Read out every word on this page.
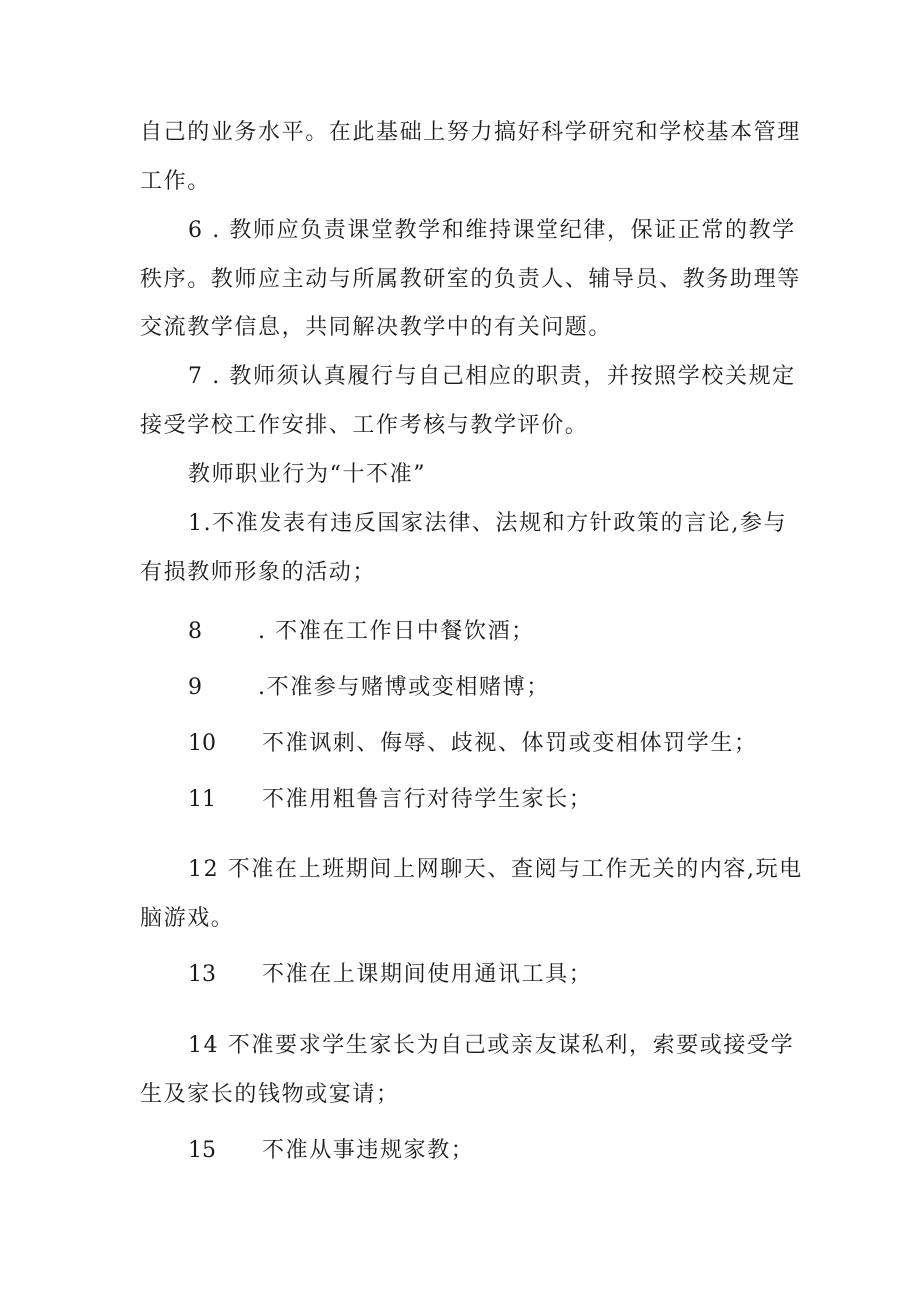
自己的业务水平。在此基础上努力搞好科学研究和学校基本管理
工作。
6 . 教师应负责课堂教学和维持课堂纪律，保证正常的教学
秩序。教师应主动与所属教研室的负责人、辅导员、教务助理等
交流教学信息，共同解决教学中的有关问题。
7 . 教师须认真履行与自己相应的职责，并按照学校关规定
接受学校工作安排、工作考核与教学评价。
教师职业行为“十不准”
1.不准发表有违反国家法律、法规和方针政策的言论,参与
有损教师形象的活动；
8	. 不准在工作日中餐饮酒；
9	.不准参与赌博或变相赌博；
10 不准讽刺、侮辱、歧视、体罚或变相体罚学生；
11 不准用粗鲁言行对待学生家长；
12 不准在上班期间上网聊天、查阅与工作无关的内容,玩电
脑游戏。
13 不准在上课期间使用通讯工具；
14 不准要求学生家长为自己或亲友谋私利，索要或接受学
生及家长的钱物或宴请；
15 不准从事违规家教；
